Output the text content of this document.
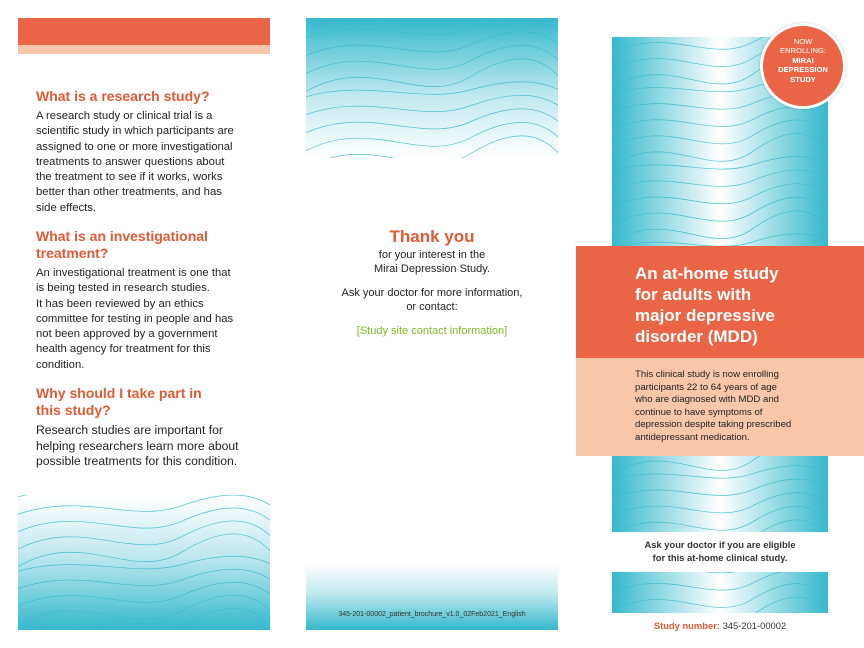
What is a research study?

A research study or clinical trial is a
scientific study in which participants are
assigned to one or more investigational
treatments to answer questions about
the treatment to see if it works, works
better than other treatments, and has
side effects.

What is an investigational
treatment?

An investigational treatment is one that
is being tested in research studies.
It has been reviewed by an ethics
committee for testing in people and has
not been approved by a government
health agency for treatment for this
condition.

Why should I take part in
this study?

Research studies are important for
helping researchers learn more about
possible treatments for this condition.

Thank you
for your interest in the
Mirai Depression Study.
Ask your doctor for more information,
or contact:
[Study site contact information]
345-201-00002_patient_brochure_v1.0_02Feb2021_English
An at-home study
for adults with
major depressive
disorder (MDD)
This clinical study is now enrolling
participants 22 to 64 years of age
who are diagnosed with MDD and
continue to have symptoms of
depression despite taking prescribed
antidepressant medication.
Ask your doctor if you are eligible
for this at-home clinical study.
Study number: 345-201-00002
NOW
ENROLLING:
MIRAI
DEPRESSION
STUDY
